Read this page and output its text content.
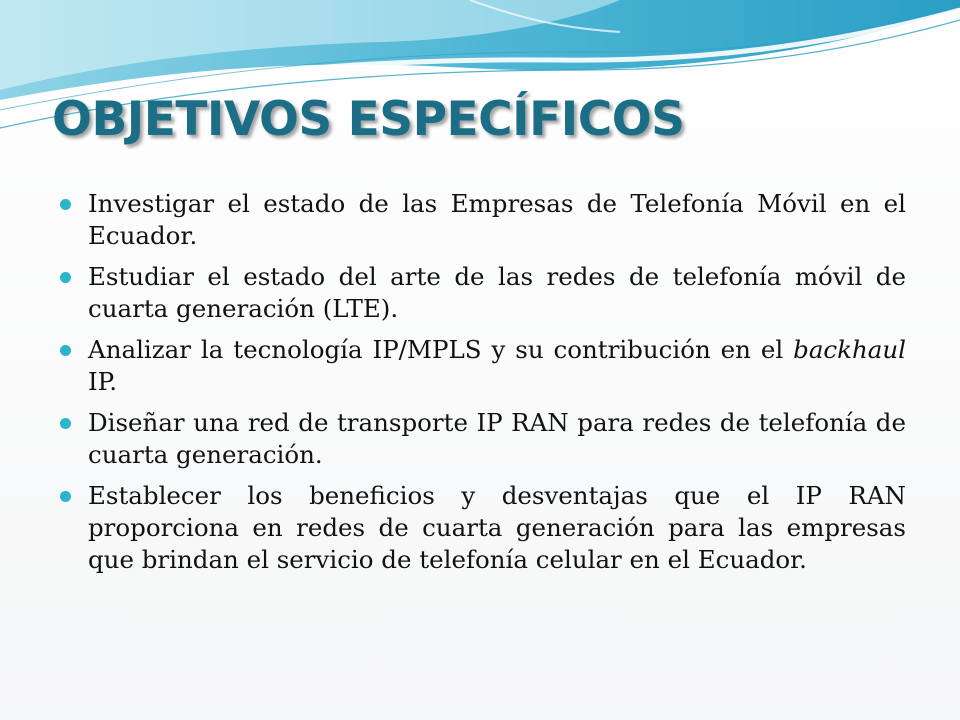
OBJETIVOS ESPECÍFICOS
Investigar el estado de las Empresas de Telefonía Móvil en el Ecuador.
Estudiar el estado del arte de las redes de telefonía móvil de cuarta generación (LTE).
Analizar la tecnología IP/MPLS y su contribución en el backhaul IP.
Diseñar una red de transporte IP RAN para redes de telefonía de cuarta generación.
Establecer los beneficios y desventajas que el IP RAN proporciona en redes de cuarta generación para las empresas que brindan el servicio de telefonía celular en el Ecuador.
